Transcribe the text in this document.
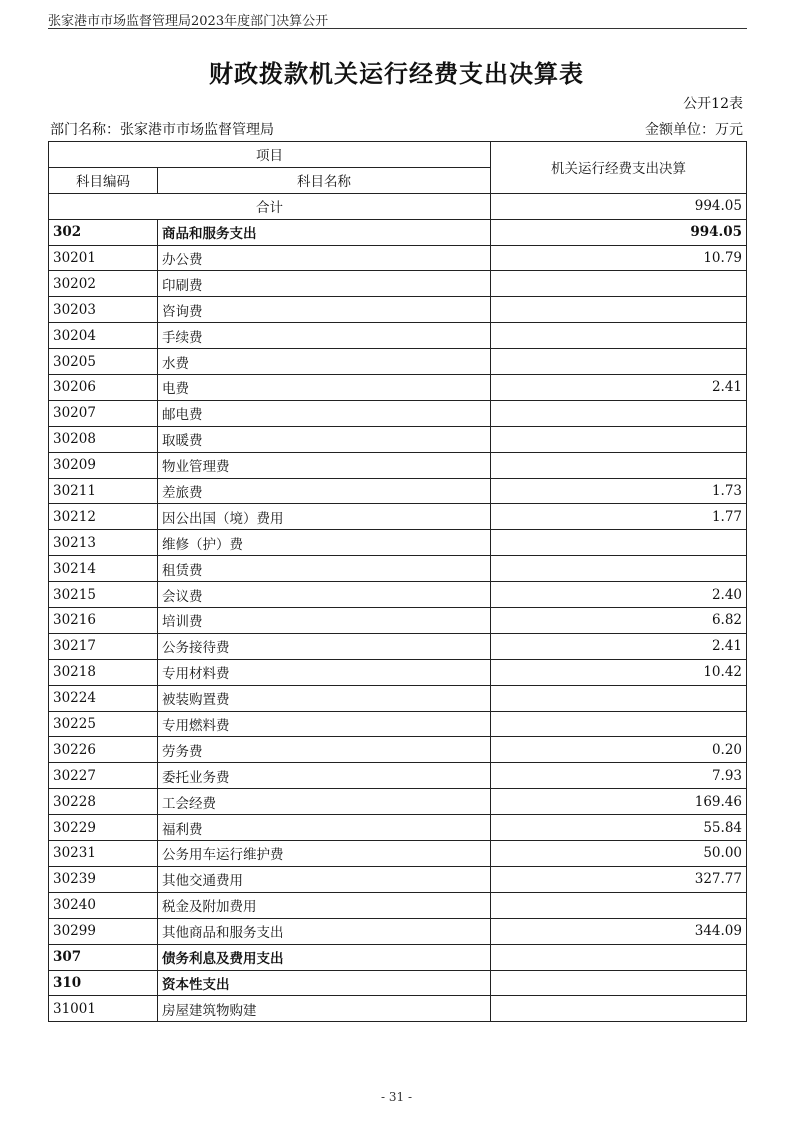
张家港市市场监督管理局2023年度部门决算公开
财政拨款机关运行经费支出决算表
公开12表
部门名称：张家港市市场监督管理局	金额单位：万元
项目		机关运行经费支出决算
科目编码	科目名称	
合计		994.05
302	商品和服务支出	994.05
30201	办公费	10.79
30202	印刷费	
30203	咨询费	
30204	手续费	
30205	水费	
30206	电费	2.41
30207	邮电费	
30208	取暖费	
30209	物业管理费	
30211	差旅费	1.73
30212	因公出国（境）费用	1.77
30213	维修（护）费	
30214	租赁费	
30215	会议费	2.40
30216	培训费	6.82
30217	公务接待费	2.41
30218	专用材料费	10.42
30224	被装购置费	
30225	专用燃料费	
30226	劳务费	0.20
30227	委托业务费	7.93
30228	工会经费	169.46
30229	福利费	55.84
30231	公务用车运行维护费	50.00
30239	其他交通费用	327.77
30240	税金及附加费用	
30299	其他商品和服务支出	344.09
307	债务利息及费用支出	
310	资本性支出	
31001	房屋建筑物购建	
- 31 -
